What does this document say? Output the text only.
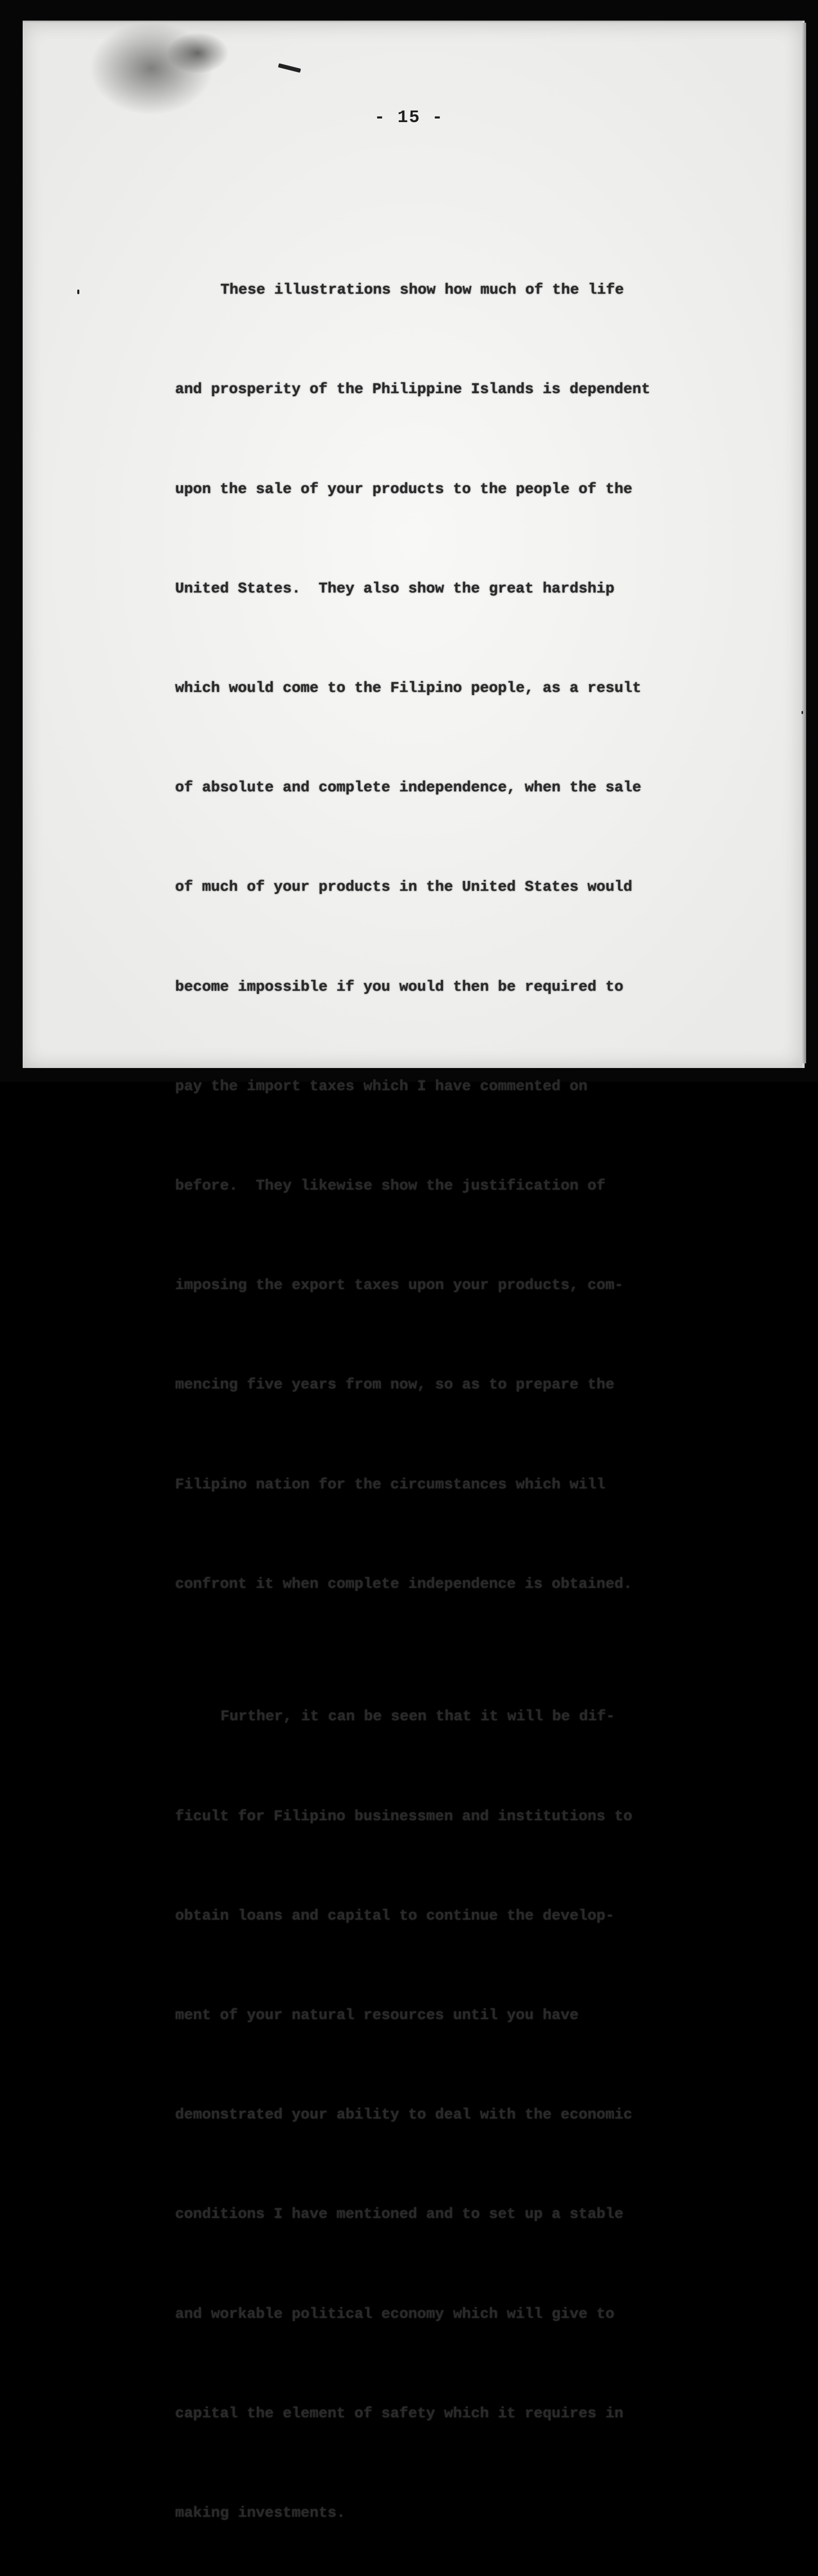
- 15 -

These illustrations show how much of the life

and prosperity of the Philippine Islands is dependent

upon the sale of your products to the people of the

United States.  They also show the great hardship

which would come to the Filipino people, as a result

of absolute and complete independence, when the sale

of much of your products in the United States would

become impossible if you would then be required to

pay the import taxes which I have commented on

before.  They likewise show the justification of

imposing the export taxes upon your products, com-

mencing five years from now, so as to prepare the

Filipino nation for the circumstances which will

confront it when complete independence is obtained.

Further, it can be seen that it will be dif-

ficult for Filipino businessmen and institutions to

obtain loans and capital to continue the develop-

ment of your natural resources until you have

demonstrated your ability to deal with the economic

conditions I have mentioned and to set up a stable

and workable political economy which will give to

capital the element of safety which it requires in

making investments.
